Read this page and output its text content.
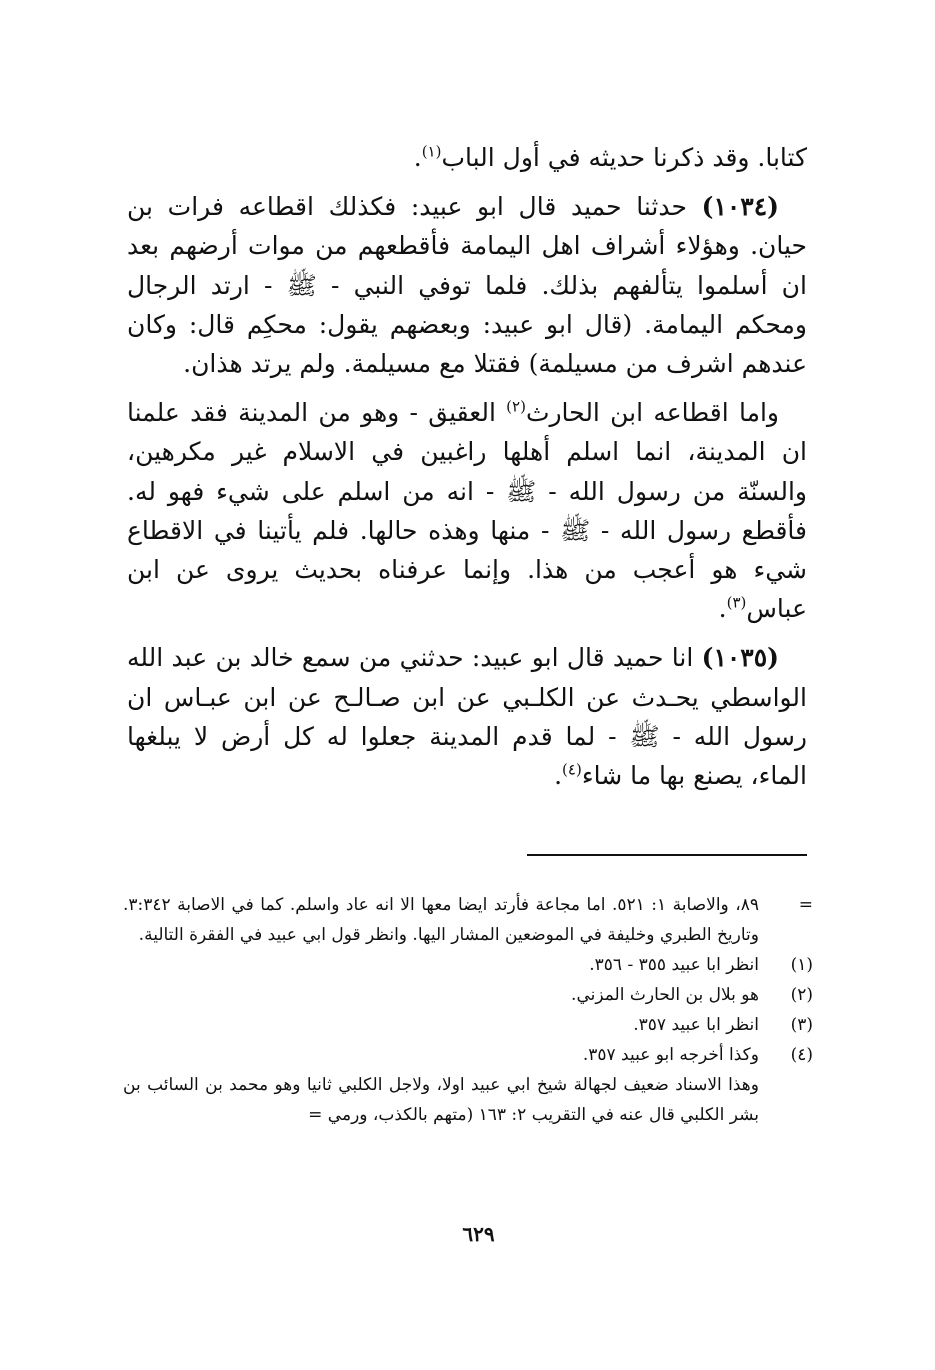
كتابا. وقد ذكرنا حديثه في أول الباب$^{(١)}$.

(١٠٣٤) حدثنا حميد قال ابو عبيد: فكذلك اقطاعه فرات بن حيان. وهؤلاء أشراف اهل اليمامة فأقطعهم من موات أرضهم بعد ان أسلموا يتألفهم بذلك. فلما توفي النبي - ﷺ - ارتد الرجال ومحكم اليمامة. (قال ابو عبيد: وبعضهم يقول: محكِم قال: وكان عندهم اشرف من مسيلمة) فقتلا مع مسيلمة. ولم يرتد هذان.

واما اقطاعه ابن الحارث$^{(٢)}$ العقيق - وهو من المدينة فقد علمنا ان المدينة، انما اسلم أهلها راغبين في الاسلام غير مكرهين، والسنّة من رسول الله - ﷺ - انه من اسلم على شيء فهو له. فأقطع رسول الله - ﷺ - منها وهذه حالها. فلم يأتينا في الاقطاع شيء هو أعجب من هذا. وإنما عرفناه بحديث يروى عن ابن عباس$^{(٣)}$.

(١٠٣٥) انا حميد قال ابو عبيد: حدثني من سمع خالد بن عبد الله الواسطي يحـدث عن الكلـبي عن ابن صـالـح عن ابن عبـاس ان رسول الله - ﷺ - لما قدم المدينة جعلوا له كل أرض لا يبلغها الماء، يصنع بها ما شاء$^{(٤)}$.

=
٨٩، والاصابة ١: ٥٢١. اما مجاعة فأرتد ايضا معها الا انه عاد واسلم. كما في الاصابة ٣:٣٤٢. وتاريخ الطبري وخليفة في الموضعين المشار اليها. وانظر قول ابي عبيد في الفقرة التالية.
(١)
انظر ابا عبيد ٣٥٥ - ٣٥٦.
(٢)
هو بلال بن الحارث المزني.
(٣)
انظر ابا عبيد ٣٥٧.
(٤)
وكذا أخرجه ابو عبيد ٣٥٧.
وهذا الاسناد ضعيف لجهالة شيخ ابي عبيد اولا، ولاجل الكلبي ثانيا وهو محمد بن السائب بن بشر الكلبي قال عنه في التقريب ٢: ١٦٣ (متهم بالكذب، ورمي =
٦٢٩
